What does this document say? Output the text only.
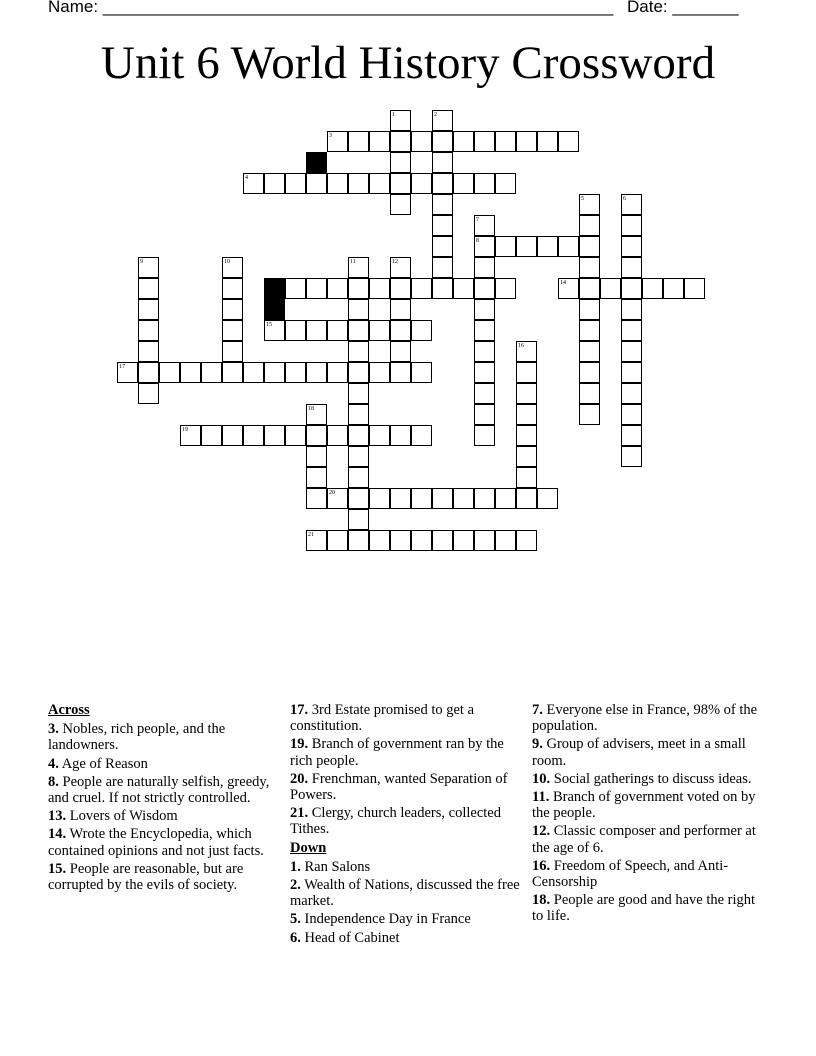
Name: ______________________________________________________ Date: _______
Unit 6 World History Crossword
1	2
3
4
5	6
7
8
9	10	11	12
13	14
15
16
17
18
19
20
21
Across
3. Nobles, rich people, and the landowners.
4. Age of Reason
8. People are naturally selfish, greedy, and cruel. If not strictly controlled.
13. Lovers of Wisdom
14. Wrote the Encyclopedia, which contained opinions and not just facts.
15. People are reasonable, but are corrupted by the evils of society.
17. 3rd Estate promised to get a constitution.
19. Branch of government ran by the rich people.
20. Frenchman, wanted Separation of Powers.
21. Clergy, church leaders, collected Tithes.
Down
1. Ran Salons
2. Wealth of Nations, discussed the free market.
5. Independence Day in France
6. Head of Cabinet
7. Everyone else in France, 98% of the population.
9. Group of advisers, meet in a small room.
10. Social gatherings to discuss ideas.
11. Branch of government voted on by the people.
12. Classic composer and performer at the age of 6.
16. Freedom of Speech, and Anti-Censorship
18. People are good and have the right to life.
